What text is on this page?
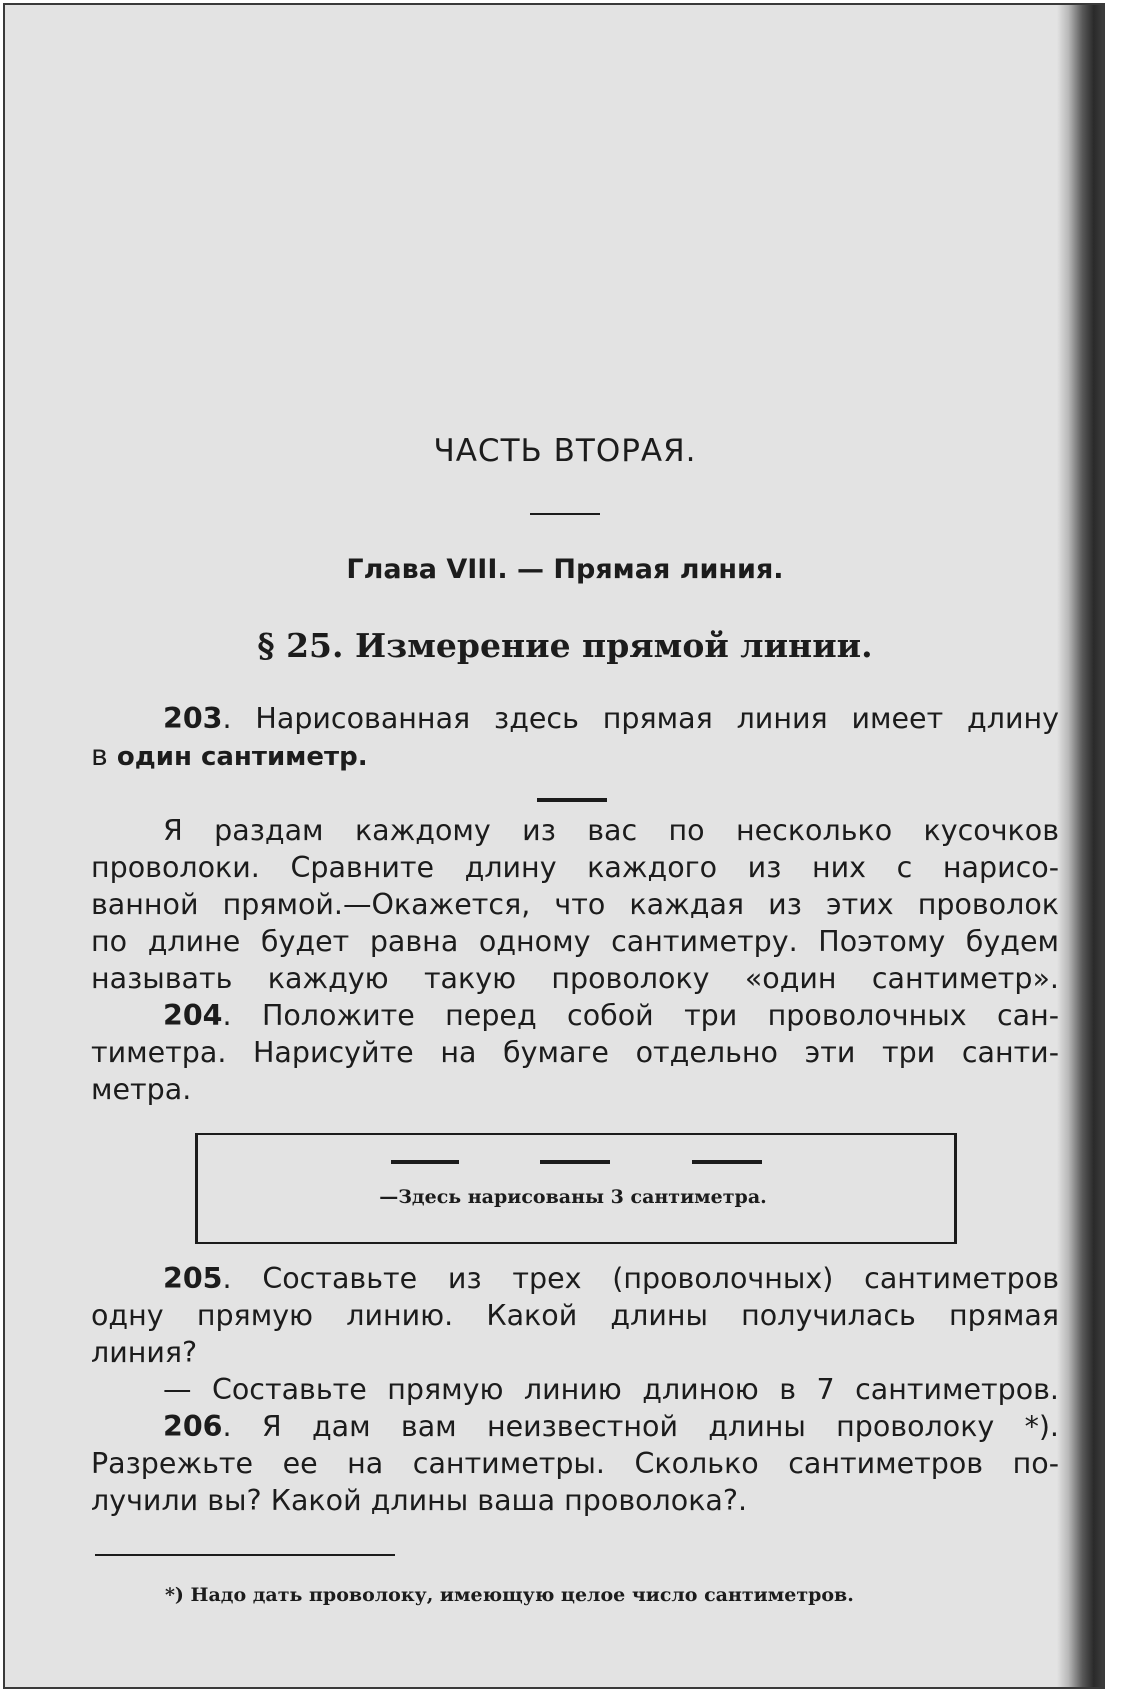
ЧАСТЬ ВТОРАЯ.
Глава VIII. — Прямая линия.
§ 25. Измерение прямой линии.
203. Нарисованная здесь прямая линия имеет длину
в один сантиметр.
Я раздам каждому из вас по несколько кусочков
проволоки. Сравните длину каждого из них с нарисо-
ванной прямой.—Окажется, что каждая из этих проволок
по длине будет равна одному сантиметру. Поэтому будем
называть каждую такую проволоку «один сантиметр».
204. Положите перед собой три проволочных сан-
тиметра. Нарисуйте на бумаге отдельно эти три санти-
метра.
—Здесь нарисованы 3 сантиметра.
205. Составьте из трех (проволочных) сантиметров
одну прямую линию. Какой длины получилась прямая
линия?
— Составьте прямую линию длиною в 7 сантиметров.
206. Я дам вам неизвестной длины проволоку *).
Разрежьте ее на сантиметры. Сколько сантиметров по-
лучили вы? Какой длины ваша проволока?.
*) Надо дать проволоку, имеющую целое число сантиметров.
